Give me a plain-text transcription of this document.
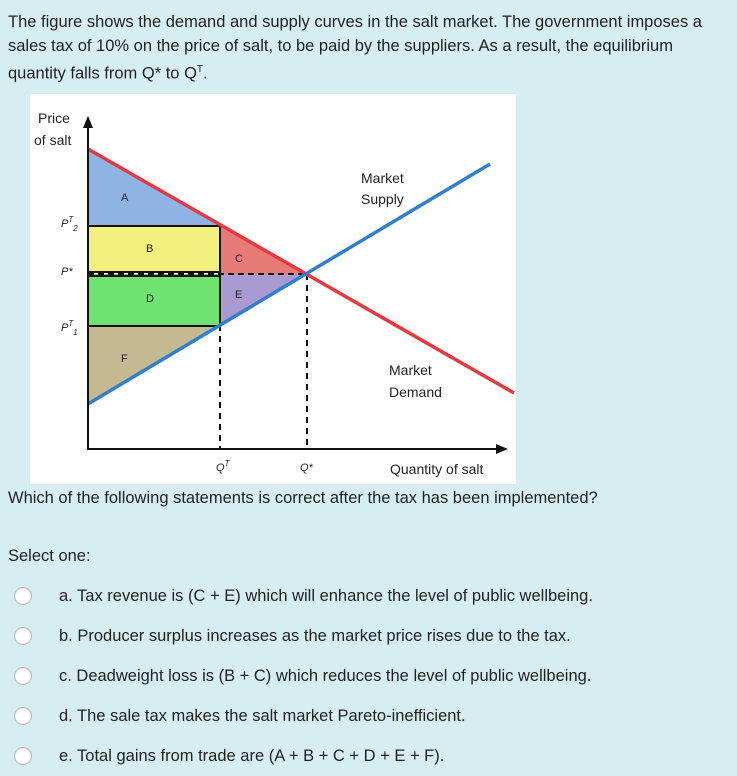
The figure shows the demand and supply curves in the salt market. The government imposes a sales tax of 10% on the price of salt, to be paid by the suppliers. As a result, the equilibrium quantity falls from Q* to $Q^T$.
Price
of salt
Quantity of salt
Market
Supply
Market
Demand
$P^T_2$
P*
$P^T_1$
$Q^T$	Q*
A
B
C
D	E
F
Which of the following statements is correct after the tax has been implemented?
Select one:
a. Tax revenue is (C + E) which will enhance the level of public wellbeing.
b. Producer surplus increases as the market price rises due to the tax.
c. Deadweight loss is (B + C) which reduces the level of public wellbeing.
d. The sale tax makes the salt market Pareto-inefficient.
e. Total gains from trade are (A + B + C + D + E + F).
